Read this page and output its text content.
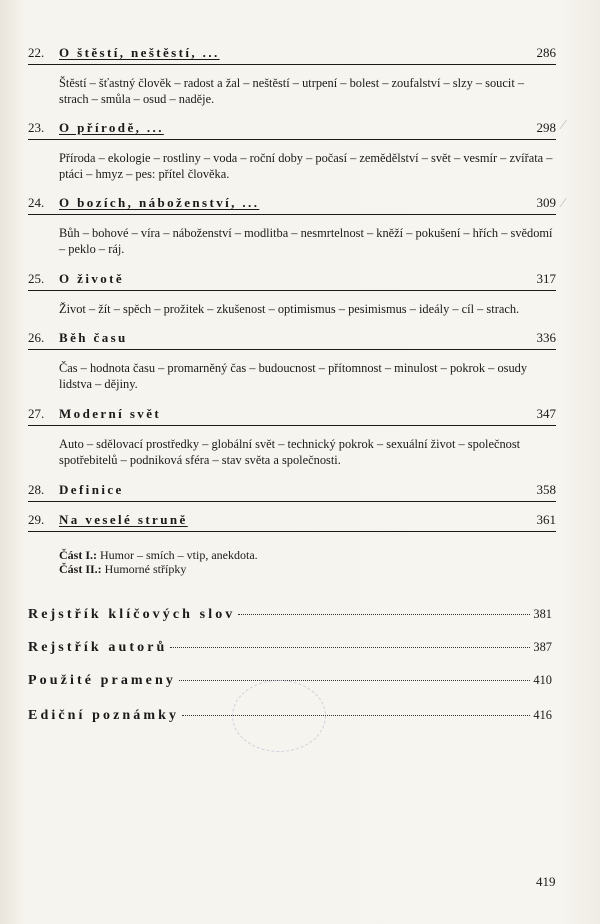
22. O štěstí, neštěstí, ...	286
Štěstí – šťastný člověk – radost a žal – neštěstí – utrpení – bolest – zoufalství – slzy – soucit – strach – smůla – osud – naděje.
23. O přírodě, ...	298
Příroda – ekologie – rostliny – voda – roční doby – počasí – zemědělství – svět – vesmír – zvířata – ptáci – hmyz – pes: přítel člověka.
24. O bozích, náboženství, ...	309
Bůh – bohové – víra – náboženství – modlitba – nesmrtelnost – kněží – pokušení – hřích – svědomí – peklo – ráj.
25. O životě	317
Život – žít – spěch – prožitek – zkušenost – optimismus – pesimismus – ideály – cíl – strach.
26. Běh času	336
Čas – hodnota času – promarněný čas – budoucnost – přítomnost – minulost – pokrok – osudy lidstva – dějiny.
27. Moderní svět	347
Auto – sdělovací prostředky – globální svět – technický pokrok – sexuální život – společnost spotřebitelů – podniková sféra – stav světa a společnosti.
28. Definice	358
29. Na veselé struně	361
Část I.: Humor – smích – vtip, anekdota.
Část II.: Humorné střípky
Rejstřík klíčových slov	381
Rejstřík autorů	387
Použité prameny	410
Ediční poznámky	416
⁄
⁄
419
